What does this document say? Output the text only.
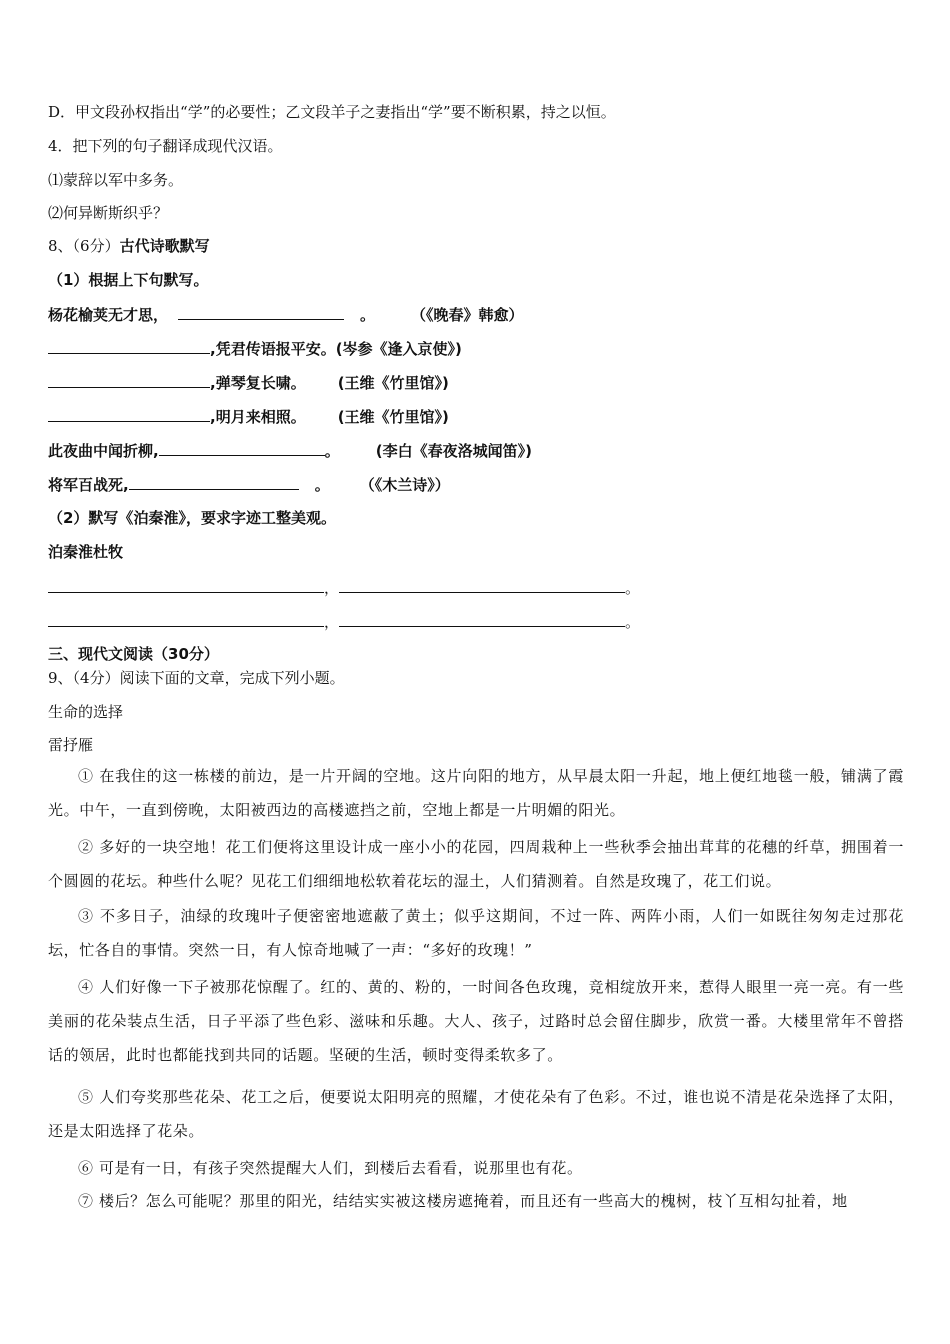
D．甲文段孙权指出“学”的必要性；乙文段羊子之妻指出“学”要不断积累，持之以恒。
4．把下列的句子翻译成现代汉语。
⑴蒙辞以军中多务。
⑵何异断斯织乎？
8、（6分）古代诗歌默写
（1）根据上下句默写。
杨花榆荚无才思，	。 （《晚春》韩愈）
,凭君传语报平安。(岑参《逢入京使》)
,弹琴复长啸。 (王维《竹里馆》)
,明月来相照。 (王维《竹里馆》)
此夜曲中闻折柳,	。 (李白《春夜洛城闻笛》)
将军百战死,	。 （《木兰诗》）
（2）默写《泊秦淮》，要求字迹工整美观。
泊秦淮杜牧
，	。
，	。
三、现代文阅读（30分）
9、（4分）阅读下面的文章，完成下列小题。
生命的选择
雷抒雁
① 在我住的这一栋楼的前边，是一片开阔的空地。这片向阳的地方，从早晨太阳一升起，地上便红地毯一般，铺满了霞光。中午，一直到傍晚，太阳被西边的高楼遮挡之前，空地上都是一片明媚的阳光。
② 多好的一块空地！花工们便将这里设计成一座小小的花园，四周栽种上一些秋季会抽出茸茸的花穗的纤草，拥围着一个圆圆的花坛。种些什么呢？见花工们细细地松软着花坛的湿土，人们猜测着。自然是玫瑰了，花工们说。
③ 不多日子，油绿的玫瑰叶子便密密地遮蔽了黄土；似乎这期间，不过一阵、两阵小雨，人们一如既往匆匆走过那花坛，忙各自的事情。突然一日，有人惊奇地喊了一声：“多好的玫瑰！”
④ 人们好像一下子被那花惊醒了。红的、黄的、粉的，一时间各色玫瑰，竞相绽放开来，惹得人眼里一亮一亮。有一些美丽的花朵装点生活，日子平添了些色彩、滋味和乐趣。大人、孩子，过路时总会留住脚步，欣赏一番。大楼里常年不曾搭话的领居，此时也都能找到共同的话题。坚硬的生活，顿时变得柔软多了。
⑤ 人们夸奖那些花朵、花工之后，便要说太阳明亮的照耀，才使花朵有了色彩。不过，谁也说不清是花朵选择了太阳，还是太阳选择了花朵。
⑥ 可是有一日，有孩子突然提醒大人们，到楼后去看看，说那里也有花。
⑦ 楼后？怎么可能呢？那里的阳光，结结实实被这楼房遮掩着，而且还有一些高大的槐树，枝丫互相勾扯着，地
